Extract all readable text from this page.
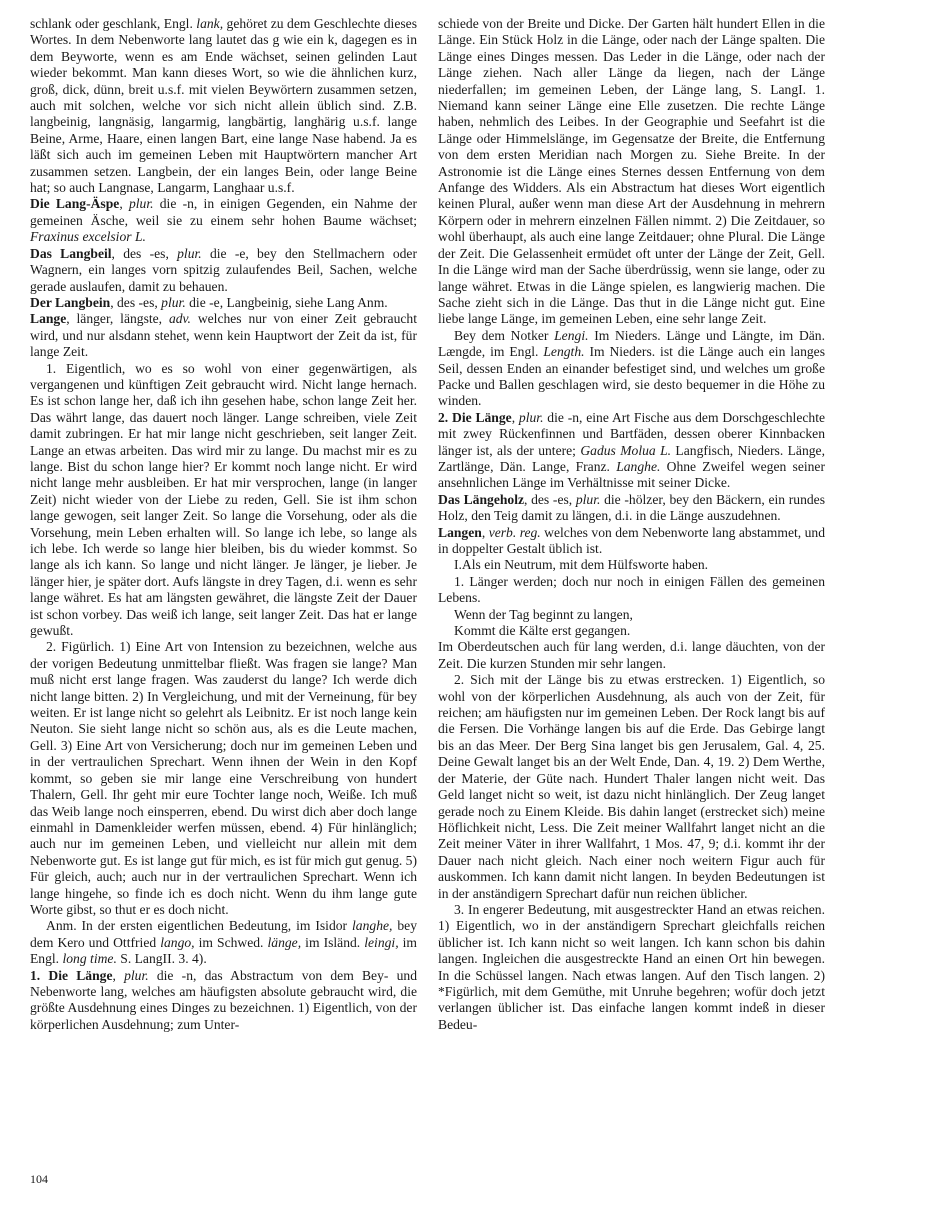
schlank oder geschlank, Engl. lank, gehöret zu dem Geschlechte dieses Wortes. In dem Nebenworte lang lautet das g wie ein k, dagegen es in dem Beyworte, wenn es am Ende wächset, seinen gelinden Laut wieder bekommt. Man kann dieses Wort, so wie die ähnlichen kurz, groß, dick, dünn, breit u.s.f. mit vielen Beywörtern zusammen setzen, auch mit solchen, welche vor sich nicht allein üblich sind. Z.B. langbeinig, langnäsig, langarmig, langbärtig, langhärig u.s.f. lange Beine, Arme, Haare, einen langen Bart, eine lange Nase habend. Ja es läßt sich auch im gemeinen Leben mit Hauptwörtern mancher Art zusammen setzen. Langbein, der ein langes Bein, oder lange Beine hat; so auch Langnase, Langarm, Langhaar u.s.f.

Die Lang-Äspe, plur. die -n, in einigen Gegenden, ein Nahme der gemeinen Äsche, weil sie zu einem sehr hohen Baume wächset; Fraxinus excelsior L.

Das Langbeil, des -es, plur. die -e, bey den Stellmachern oder Wagnern, ein langes vorn spitzig zulaufendes Beil, Sachen, welche gerade auslaufen, damit zu behauen.

Der Langbein, des -es, plur. die -e, Langbeinig, siehe Lang Anm.

Lange, länger, längste, adv. welches nur von einer Zeit gebraucht wird, und nur alsdann stehet, wenn kein Hauptwort der Zeit da ist, für lange Zeit.

1. Eigentlich, wo es so wohl von einer gegenwärtigen, als vergangenen und künftigen Zeit gebraucht wird. Nicht lange hernach. Es ist schon lange her, daß ich ihn gesehen habe, schon lange Zeit her. Das währt lange, das dauert noch länger. Lange schreiben, viele Zeit damit zubringen. Er hat mir lange nicht geschrieben, seit langer Zeit. Lange an etwas arbeiten. Das wird mir zu lange. Du machst mir es zu lange. Bist du schon lange hier? Er kommt noch lange nicht. Er wird nicht lange mehr ausbleiben. Er hat mir versprochen, lange (in langer Zeit) nicht wieder von der Liebe zu reden, Gell. Sie ist ihm schon lange gewogen, seit langer Zeit. So lange die Vorsehung, oder als die Vorsehung, mein Leben erhalten will. So lange ich lebe, so lange als ich lebe. Ich werde so lange hier bleiben, bis du wieder kommst. So lange als ich kann. So lange und nicht länger. Je länger, je lieber. Je länger hier, je später dort. Aufs längste in drey Tagen, d.i. wenn es sehr lange währet. Es hat am längsten gewähret, die längste Zeit der Dauer ist schon vorbey. Das weiß ich lange, seit langer Zeit. Das hat er lange gewußt.

2. Figürlich. 1) Eine Art von Intension zu bezeichnen, welche aus der vorigen Bedeutung unmittelbar fließt. Was fragen sie lange? Man muß nicht erst lange fragen. Was zauderst du lange? Ich werde dich nicht lange bitten. 2) In Vergleichung, und mit der Verneinung, für bey weiten. Er ist lange nicht so gelehrt als Leibnitz. Er ist noch lange kein Neuton. Sie sieht lange nicht so schön aus, als es die Leute machen, Gell. 3) Eine Art von Versicherung; doch nur im gemeinen Leben und in der vertraulichen Sprechart. Wenn ihnen der Wein in den Kopf kommt, so geben sie mir lange eine Verschreibung von hundert Thalern, Gell. Ihr geht mir eure Tochter lange noch, Weiße. Ich muß das Weib lange noch einsperren, ebend. Du wirst dich aber doch lange einmahl in Damenkleider werfen müssen, ebend. 4) Für hinlänglich; auch nur im gemeinen Leben, und vielleicht nur allein mit dem Nebenworte gut. Es ist lange gut für mich, es ist für mich gut genug. 5) Für gleich, auch; auch nur in der vertraulichen Sprechart. Wenn ich lange hingehe, so finde ich es doch nicht. Wenn du ihm lange gute Worte gibst, so thut er es doch nicht.

Anm. In der ersten eigentlichen Bedeutung, im Isidor langhe, bey dem Kero und Ottfried lango, im Schwed. länge, im Isländ. leingi, im Engl. long time. S. LangII. 3. 4).

1. Die Länge, plur. die -n, das Abstractum von dem Bey- und Nebenworte lang, welches am häufigsten absolute gebraucht wird, die größte Ausdehnung eines Dinges zu bezeichnen. 1) Eigentlich, von der körperlichen Ausdehnung; zum Unter-

schiede von der Breite und Dicke. Der Garten hält hundert Ellen in die Länge. Ein Stück Holz in die Länge, oder nach der Länge spalten. Die Länge eines Dinges messen. Das Leder in die Länge, oder nach der Länge ziehen. Nach aller Länge da liegen, nach der Länge niederfallen; im gemeinen Leben, der Länge lang, S. LangI. 1. Niemand kann seiner Länge eine Elle zusetzen. Die rechte Länge haben, nehmlich des Leibes. In der Geographie und Seefahrt ist die Länge oder Himmelslänge, im Gegensatze der Breite, die Entfernung von dem ersten Meridian nach Morgen zu. Siehe Breite. In der Astronomie ist die Länge eines Sternes dessen Entfernung von dem Anfange des Widders. Als ein Abstractum hat dieses Wort eigentlich keinen Plural, außer wenn man diese Art der Ausdehnung in mehrern Körpern oder in mehrern einzelnen Fällen nimmt. 2) Die Zeitdauer, so wohl überhaupt, als auch eine lange Zeitdauer; ohne Plural. Die Länge der Zeit. Die Gelassenheit ermüdet oft unter der Länge der Zeit, Gell. In die Länge wird man der Sache überdrüssig, wenn sie lange, oder zu lange währet. Etwas in die Länge spielen, es langwierig machen. Die Sache zieht sich in die Länge. Das thut in die Länge nicht gut. Eine liebe lange Länge, im gemeinen Leben, eine sehr lange Zeit.

Bey dem Notker Lengi. Im Nieders. Länge und Längte, im Dän. Længde, im Engl. Length. Im Nieders. ist die Länge auch ein langes Seil, dessen Enden an einander befestiget sind, und welches um große Packe und Ballen geschlagen wird, sie desto bequemer in die Höhe zu winden.

2. Die Länge, plur. die -n, eine Art Fische aus dem Dorschgeschlechte mit zwey Rückenfinnen und Bartfäden, dessen oberer Kinnbacken länger ist, als der untere; Gadus Molua L. Langfisch, Nieders. Länge, Zartlänge, Dän. Lange, Franz. Langhe. Ohne Zweifel wegen seiner ansehnlichen Länge im Verhältnisse mit seiner Dicke.

Das Längeholz, des -es, plur. die -hölzer, bey den Bäckern, ein rundes Holz, den Teig damit zu längen, d.i. in die Länge auszudehnen.

Langen, verb. reg. welches von dem Nebenworte lang abstammet, und in doppelter Gestalt üblich ist.

I.Als ein Neutrum, mit dem Hülfsworte haben.

1. Länger werden; doch nur noch in einigen Fällen des gemeinen Lebens.

Wenn der Tag beginnt zu langen,

Kommt die Kälte erst gegangen.

Im Oberdeutschen auch für lang werden, d.i. lange däuchten, von der Zeit. Die kurzen Stunden mir sehr langen.

2. Sich mit der Länge bis zu etwas erstrecken. 1) Eigentlich, so wohl von der körperlichen Ausdehnung, als auch von der Zeit, für reichen; am häufigsten nur im gemeinen Leben. Der Rock langt bis auf die Fersen. Die Vorhänge langen bis auf die Erde. Das Gebirge langt bis an das Meer. Der Berg Sina langet bis gen Jerusalem, Gal. 4, 25. Deine Gewalt langet bis an der Welt Ende, Dan. 4, 19. 2) Dem Werthe, der Materie, der Güte nach. Hundert Thaler langen nicht weit. Das Geld langet nicht so weit, ist dazu nicht hinlänglich. Der Zeug langet gerade noch zu Einem Kleide. Bis dahin langet (erstrecket sich) meine Höflichkeit nicht, Less. Die Zeit meiner Wallfahrt langet nicht an die Zeit meiner Väter in ihrer Wallfahrt, 1 Mos. 47, 9; d.i. kommt ihr der Dauer nach nicht gleich. Nach einer noch weitern Figur auch für auskommen. Ich kann damit nicht langen. In beyden Bedeutungen ist in der anständigern Sprechart dafür nun reichen üblicher.

3. In engerer Bedeutung, mit ausgestreckter Hand an etwas reichen. 1) Eigentlich, wo in der anständigern Sprechart gleichfalls reichen üblicher ist. Ich kann nicht so weit langen. Ich kann schon bis dahin langen. Ingleichen die ausgestreckte Hand an einen Ort hin bewegen. In die Schüssel langen. Nach etwas langen. Auf den Tisch langen. 2) *Figürlich, mit dem Gemüthe, mit Unruhe begehren; wofür doch jetzt verlangen üblicher ist. Das einfache langen kommt indeß in dieser Bedeu-

104
